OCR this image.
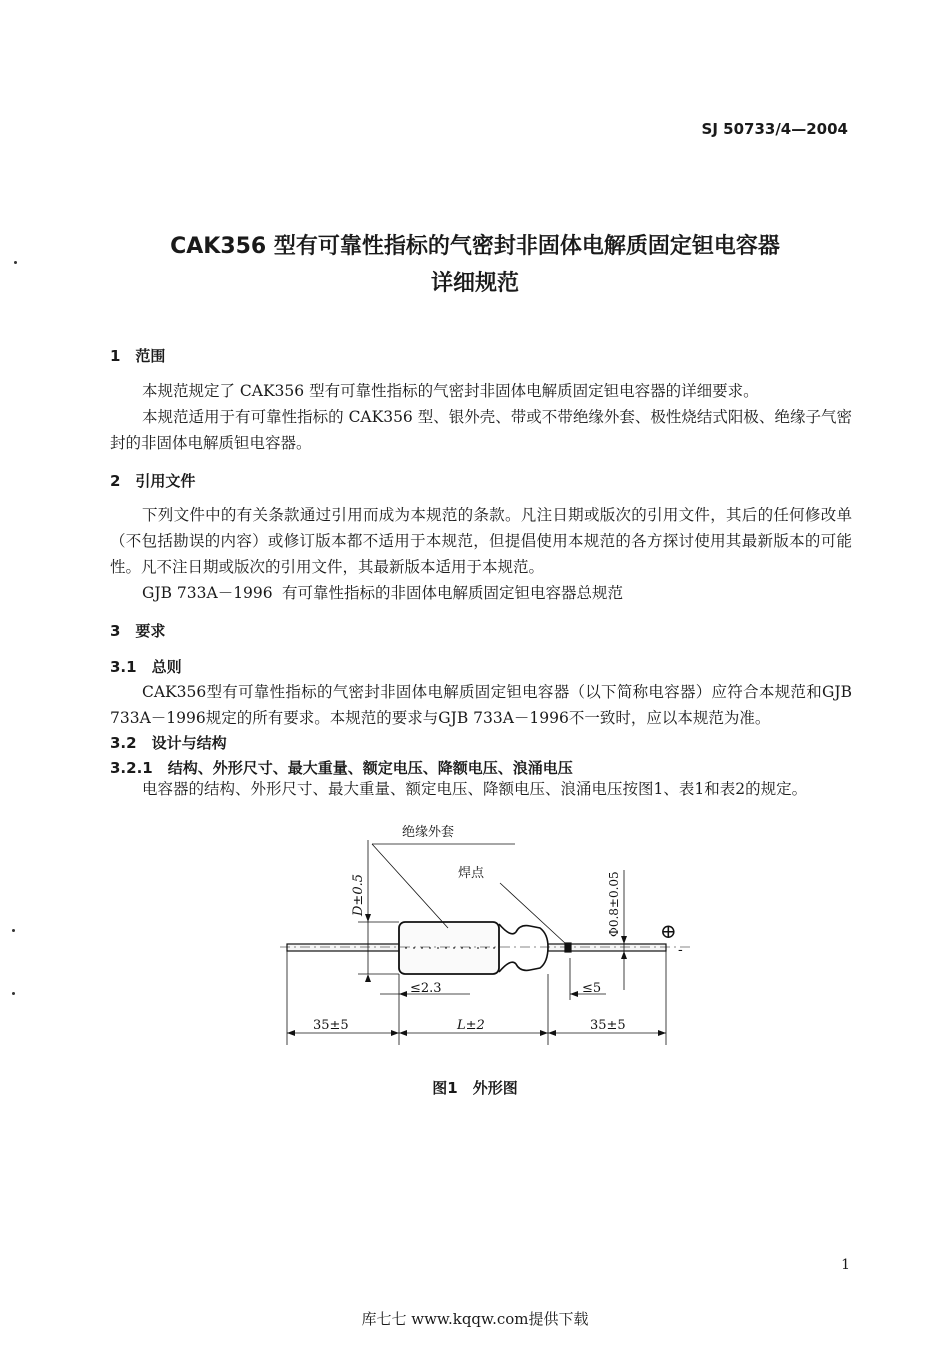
SJ 50733/4—2004
CAK356 型有可靠性指标的气密封非固体电解质固定钽电容器
详细规范
1　范围
本规范规定了 CAK356 型有可靠性指标的气密封非固体电解质固定钽电容器的详细要求。
本规范适用于有可靠性指标的 CAK356 型、银外壳、带或不带绝缘外套、极性烧结式阳极、绝缘子气密封的非固体电解质钽电容器。
2　引用文件
下列文件中的有关条款通过引用而成为本规范的条款。凡注日期或版次的引用文件，其后的任何修改单（不包括勘误的内容）或修订版本都不适用于本规范，但提倡使用本规范的各方探讨使用其最新版本的可能性。凡不注日期或版次的引用文件，其最新版本适用于本规范。
GJB 733A－1996 有可靠性指标的非固体电解质固定钽电容器总规范
3　要求
3.1　总则
CAK356型有可靠性指标的气密封非固体电解质固定钽电容器（以下简称电容器）应符合本规范和GJB 733A－1996规定的所有要求。本规范的要求与GJB 733A－1996不一致时，应以本规范为准。
3.2　设计与结构
3.2.1　结构、外形尺寸、最大重量、额定电压、降额电压、浪涌电压
电容器的结构、外形尺寸、最大重量、额定电压、降额电压、浪涌电压按图1、表1和表2的规定。
绝缘外套
焊点
D±0.5	Φ0.8±0.05
≤2.3	≤5
35±5	L±2	35±5
⊕
-
图1　外形图
1
库七七 www.kqqw.com提供下载
